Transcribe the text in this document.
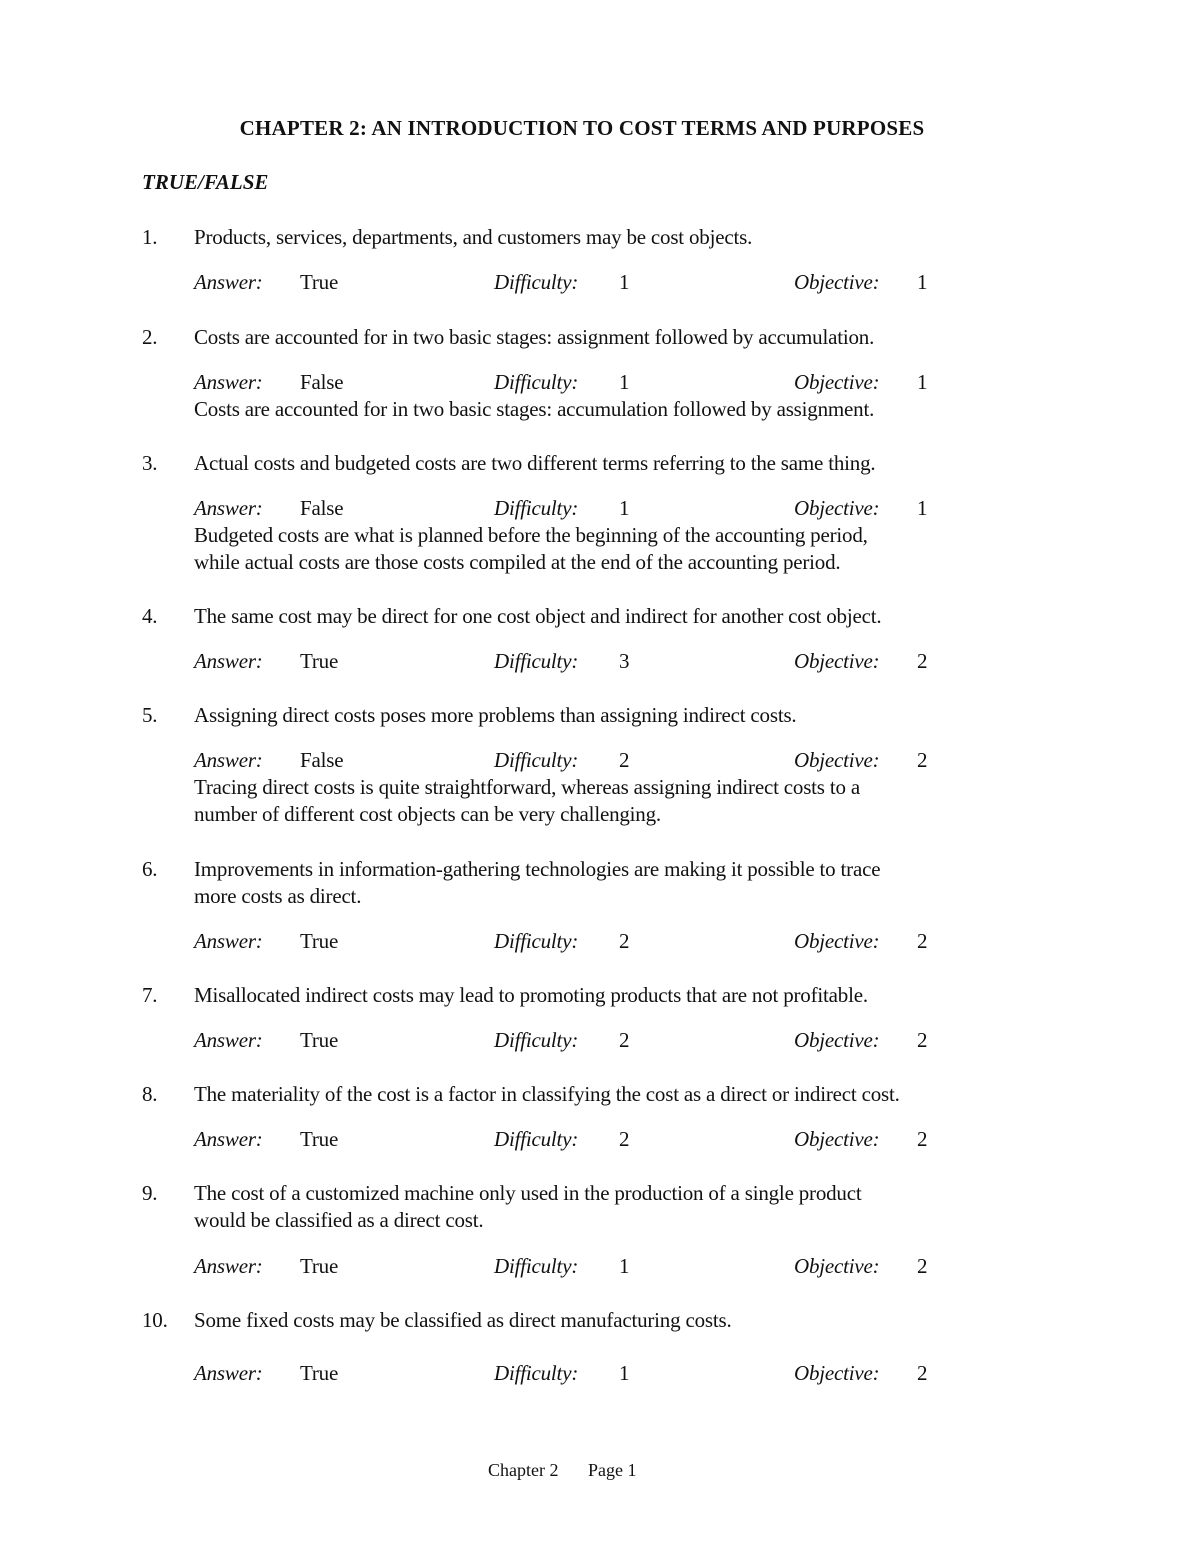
CHAPTER 2: AN INTRODUCTION TO COST TERMS AND PURPOSES
TRUE/FALSE
1. Products, services, departments, and customers may be cost objects.
Answer: True	Difficulty: 1	Objective: 1
2. Costs are accounted for in two basic stages: assignment followed by accumulation.
Answer: False	Difficulty: 1	Objective: 1
Costs are accounted for in two basic stages: accumulation followed by assignment.
3. Actual costs and budgeted costs are two different terms referring to the same thing.
Answer: False	Difficulty: 1	Objective: 1
Budgeted costs are what is planned before the beginning of the accounting period,
while actual costs are those costs compiled at the end of the accounting period.
4. The same cost may be direct for one cost object and indirect for another cost object.
Answer: True	Difficulty: 3	Objective: 2
5. Assigning direct costs poses more problems than assigning indirect costs.
Answer: False	Difficulty: 2	Objective: 2
Tracing direct costs is quite straightforward, whereas assigning indirect costs to a
number of different cost objects can be very challenging.
6. Improvements in information-gathering technologies are making it possible to trace
more costs as direct.
Answer: True	Difficulty: 2	Objective: 2
7. Misallocated indirect costs may lead to promoting products that are not profitable.
Answer: True	Difficulty: 2	Objective: 2
8. The materiality of the cost is a factor in classifying the cost as a direct or indirect cost.
Answer: True	Difficulty: 2	Objective: 2
9. The cost of a customized machine only used in the production of a single product
would be classified as a direct cost.
Answer: True	Difficulty: 1	Objective: 2
10. Some fixed costs may be classified as direct manufacturing costs.
Answer: True	Difficulty: 1	Objective: 2
Chapter 2 Page 1
